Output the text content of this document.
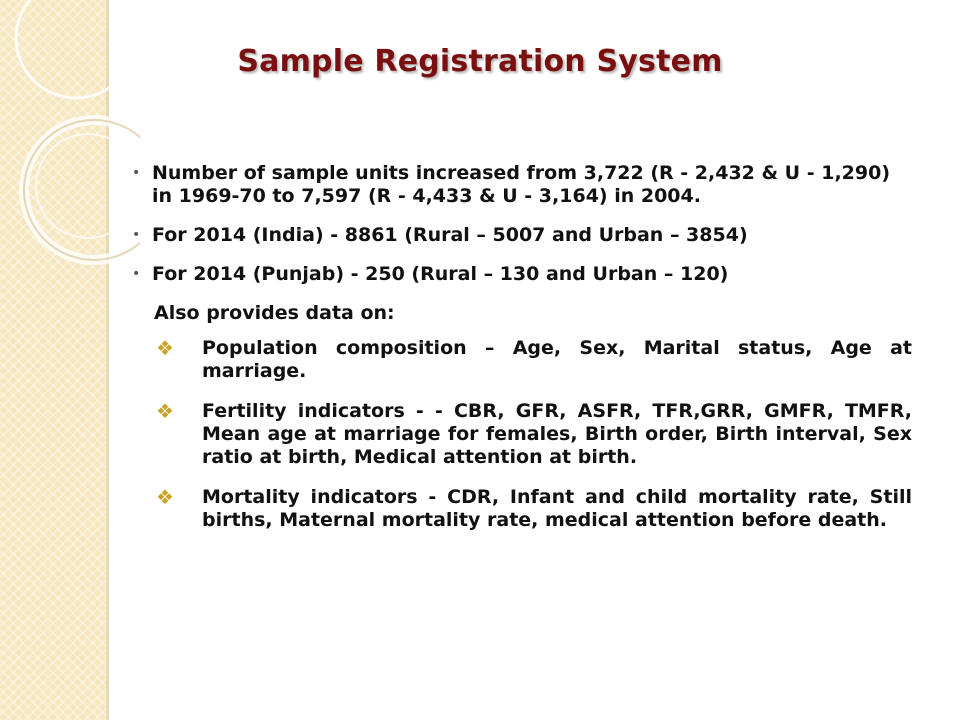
Sample Registration System
• Number of sample units increased from 3,722 (R - 2,432 & U - 1,290) in 1969-70 to 7,597 (R - 4,433 & U - 3,164) in 2004.
• For 2014 (India) - 8861 (Rural – 5007 and Urban – 3854)
• For 2014 (Punjab) - 250 (Rural – 130 and Urban – 120)
Also provides data on:
❖	Population composition – Age, Sex, Marital status, Age at marriage.
❖	Fertility indicators - - CBR, GFR, ASFR, TFR,GRR, GMFR, TMFR, Mean age at marriage for females, Birth order, Birth interval, Sex ratio at birth, Medical attention at birth.
❖	Mortality indicators - CDR, Infant and child mortality rate, Still births, Maternal mortality rate, medical attention before death.
